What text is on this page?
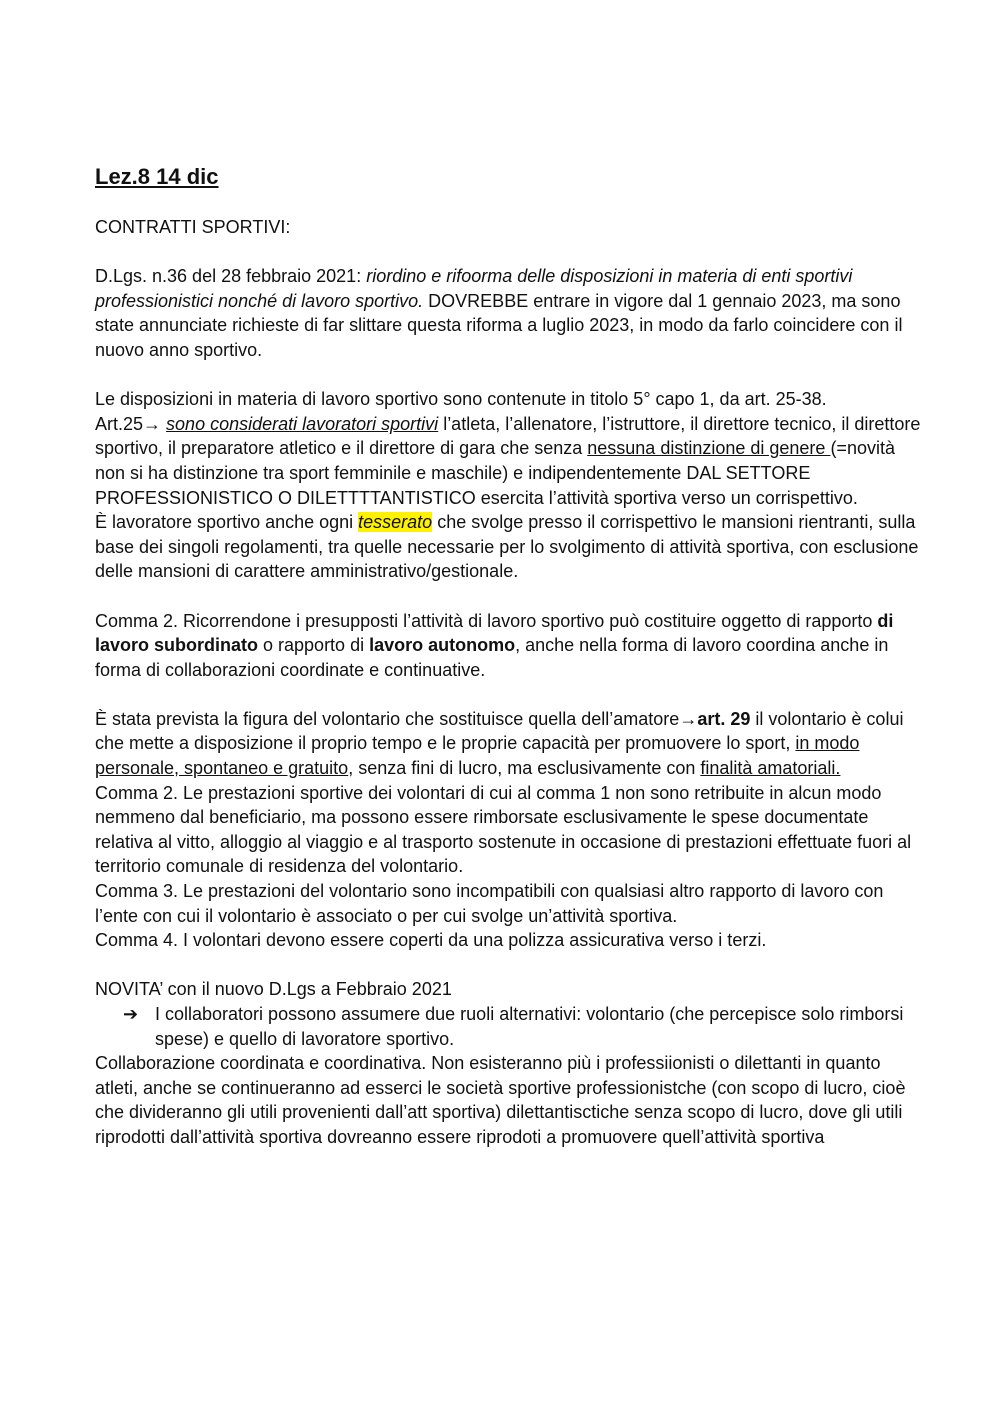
Lez.8 14 dic

CONTRATTI SPORTIVI:

D.Lgs. n.36 del 28 febbraio 2021: riordino e rifoorma delle disposizioni in materia di enti sportivi professionistici nonché di lavoro sportivo. DOVREBBE entrare in vigore dal 1 gennaio 2023, ma sono state annunciate richieste di far slittare questa riforma a luglio 2023, in modo da farlo coincidere con il nuovo anno sportivo.

Le disposizioni in materia di lavoro sportivo sono contenute in titolo 5° capo 1, da art. 25-38.

Art.25→ sono considerati lavoratori sportivi l’atleta, l’allenatore, l’istruttore, il direttore tecnico, il direttore sportivo, il preparatore atletico e il direttore di gara che senza nessuna distinzione di genere (=novità non si ha distinzione tra sport femminile e maschile) e indipendentemente DAL SETTORE PROFESSIONISTICO O DILETTTTANTISTICO esercita l’attività sportiva verso un corrispettivo.

È lavoratore sportivo anche ogni tesserato che svolge presso il corrispettivo le mansioni rientranti, sulla base dei singoli regolamenti, tra quelle necessarie per lo svolgimento di attività sportiva, con esclusione delle mansioni di carattere amministrativo/gestionale.

Comma 2. Ricorrendone i presupposti l’attività di lavoro sportivo può costituire oggetto di rapporto di lavoro subordinato o rapporto di lavoro autonomo, anche nella forma di lavoro coordina anche in forma di collaborazioni coordinate e continuative.

È stata prevista la figura del volontario che sostituisce quella dell’amatore→art. 29 il volontario è colui che mette a disposizione il proprio tempo e le proprie capacità per promuovere lo sport, in modo personale, spontaneo e gratuito, senza fini di lucro, ma esclusivamente con finalità amatoriali.

Comma 2. Le prestazioni sportive dei volontari di cui al comma 1 non sono retribuite in alcun modo nemmeno dal beneficiario, ma possono essere rimborsate esclusivamente le spese documentate relativa al vitto, alloggio al viaggio e al trasporto sostenute in occasione di prestazioni effettuate fuori al territorio comunale di residenza del volontario.

Comma 3. Le prestazioni del volontario sono incompatibili con qualsiasi altro rapporto di lavoro con l’ente con cui il volontario è associato o per cui svolge un’attività sportiva.

Comma 4. I volontari devono essere coperti da una polizza assicurativa verso i terzi.

NOVITA’ con il nuovo D.Lgs a Febbraio 2021

➔ I collaboratori possono assumere due ruoli alternativi: volontario (che percepisce solo rimborsi spese) e quello di lavoratore sportivo.

Collaborazione coordinata e coordinativa. Non esisteranno più i professiionisti o dilettanti in quanto atleti, anche se continueranno ad esserci le società sportive professionistche (con scopo di lucro, cioè che divideranno gli utili provenienti dall’att sportiva) dilettantisctiche senza scopo di lucro, dove gli utili riprodotti dall’attività sportiva dovreanno essere riprodoti a promuovere quell’attività sportiva
